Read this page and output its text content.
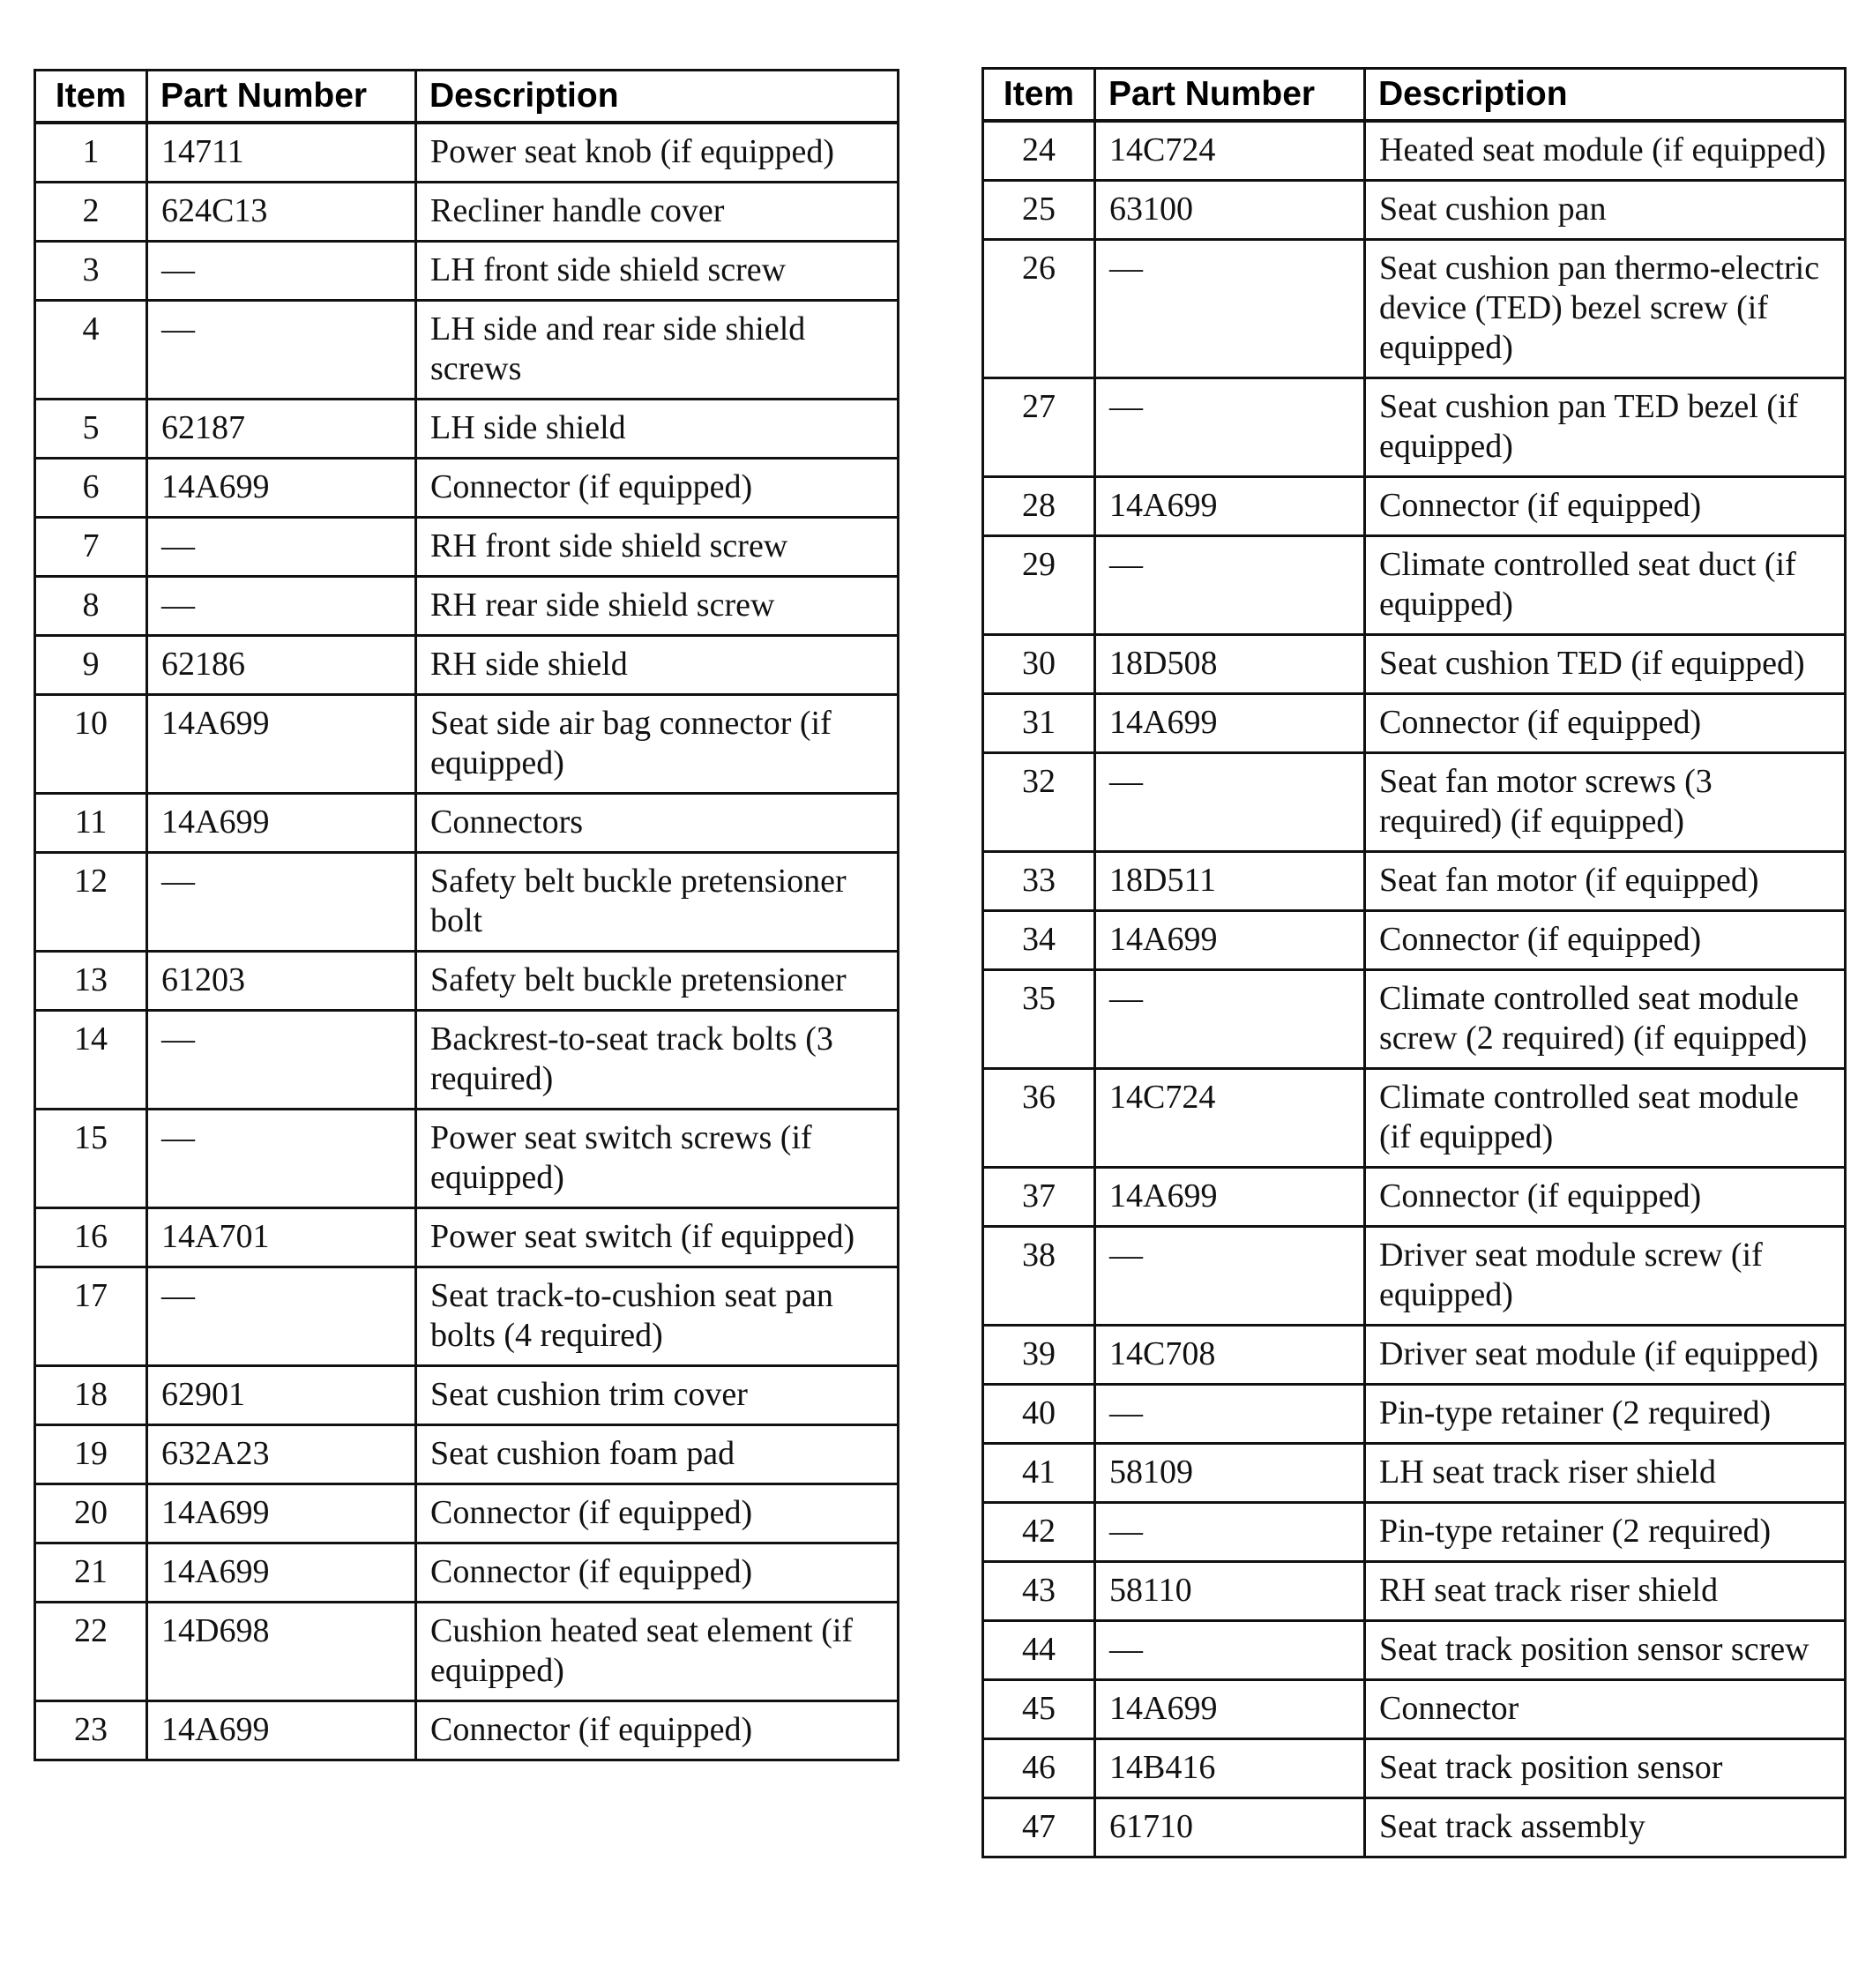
Item	Part Number	Description
1	14711	Power seat knob (if equipped)
2	624C13	Recliner handle cover
3	—	LH front side shield screw
4	—	LH side and rear side shield screws
5	62187	LH side shield
6	14A699	Connector (if equipped)
7	—	RH front side shield screw
8	—	RH rear side shield screw
9	62186	RH side shield
10	14A699	Seat side air bag connector (if equipped)
11	14A699	Connectors
12	—	Safety belt buckle pretensioner bolt
13	61203	Safety belt buckle pretensioner
14	—	Backrest-to-seat track bolts (3 required)
15	—	Power seat switch screws (if equipped)
16	14A701	Power seat switch (if equipped)
17	—	Seat track-to-cushion seat pan bolts (4 required)
18	62901	Seat cushion trim cover
19	632A23	Seat cushion foam pad
20	14A699	Connector (if equipped)
21	14A699	Connector (if equipped)
22	14D698	Cushion heated seat element (if equipped)
23	14A699	Connector (if equipped)
Item	Part Number	Description
24	14C724	Heated seat module (if equipped)
25	63100	Seat cushion pan
26	—	Seat cushion pan thermo-electric device (TED) bezel screw (if equipped)
27	—	Seat cushion pan TED bezel (if equipped)
28	14A699	Connector (if equipped)
29	—	Climate controlled seat duct (if equipped)
30	18D508	Seat cushion TED (if equipped)
31	14A699	Connector (if equipped)
32	—	Seat fan motor screws (3 required) (if equipped)
33	18D511	Seat fan motor (if equipped)
34	14A699	Connector (if equipped)
35	—	Climate controlled seat module screw (2 required) (if equipped)
36	14C724	Climate controlled seat module (if equipped)
37	14A699	Connector (if equipped)
38	—	Driver seat module screw (if equipped)
39	14C708	Driver seat module (if equipped)
40	—	Pin-type retainer (2 required)
41	58109	LH seat track riser shield
42	—	Pin-type retainer (2 required)
43	58110	RH seat track riser shield
44	—	Seat track position sensor screw
45	14A699	Connector
46	14B416	Seat track position sensor
47	61710	Seat track assembly
